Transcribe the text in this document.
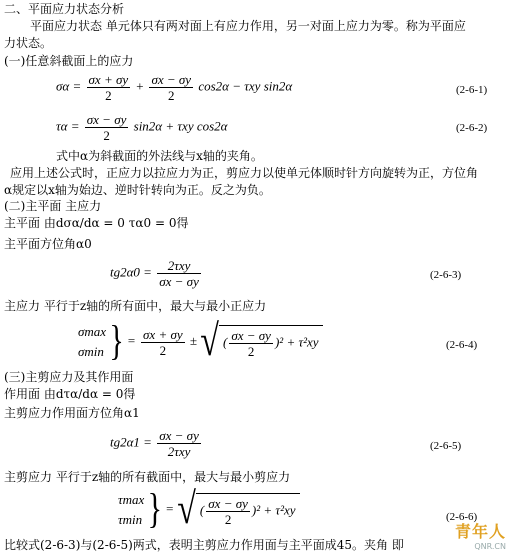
二、平面应力状态分析
平面应力状态 单元体只有两对面上有应力作用，另一对面上应力为零。称为平面应
力状态。
(一)任意斜截面上的应力
$\sigma\alpha = \frac{\sigma x + \sigma y}{2} + \frac{\sigma x - \sigma y}{2} \cos 2\alpha - \tau xy$ sin2α	(2-6-1)
$\tau\alpha = \frac{\sigma x - \sigma y}{2} \sin 2\alpha + \tau xy$ cos2α	(2-6-2)
式中α为斜截面的外法线与x轴的夹角。
应用上述公式时，正应力以拉应力为正，剪应力以使单元体顺时针方向旋转为正，方位角
α规定以x轴为始边、逆时针转向为正。反之为负。
(二)主平面 主应力
主平面 由dσα/dα = 0 τα0 = 0得
主平面方位角α0
$tg2\alpha 0 = \frac{\text{2τxy}}{\sigma x - \sigma y}$	(2-6-3)
主应力 平行于z轴的所有面中，最大与最小正应力
σmax
σmin } = $\frac{\sigma x + \sigma y}{2}$ ± √ ( $\frac{\sigma x - \sigma y}{2} )^2 + \tau^2xy$	(2-6-4)
(三)主剪应力及其作用面
作用面 由dτα/dα = 0得
主剪应力作用面方位角α1
$tg2\alpha 1 = \frac{\sigma x - \sigma y}{\text{2τxy}}$	(2-6-5)
主剪应力 平行于z轴的所有截面中，最大与最小剪应力
τmax
τmin } = √ ( $\frac{\sigma x - \sigma y}{2} )^2 + \tau^2xy$	(2-6-6)
比较式(2-6-3)与(2-6-5)两式，表明主剪应力作用面与主平面成45。夹角 即
青年人
QNR.CN
